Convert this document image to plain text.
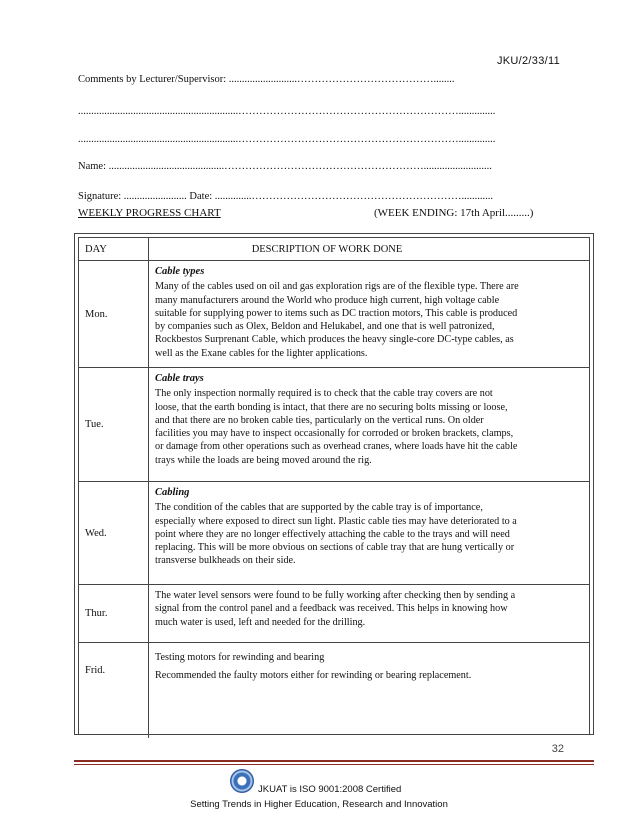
JKU/2/33/11
Comments by Lecturer/Supervisor: ..........................…………………………………........
.............................................................………………………………………………………..............
.............................................................………………………………………………………..............
Name: ............................................…………………………………………………..........................
Signature: ........................ Date: ..............……………………………………………………............
WEEKLY PROGRESS CHART	(WEEK ENDING: 17th April.........)
DAY	DESCRIPTION OF WORK DONE
Mon.
Cable types
Many of the cables used on oil and gas exploration rigs are of the flexible type. There are
many manufacturers around the World who produce high current, high voltage cable
suitable for supplying power to items such as DC traction motors, This cable is produced
by companies such as Olex, Beldon and Helukabel, and one that is well patronized,
Rockbestos Surprenant Cable, which produces the heavy single-core DC-type cables, as
well as the Exane cables for the lighter applications.
Tue.
Cable trays
The only inspection normally required is to check that the cable tray covers are not
loose, that the earth bonding is intact, that there are no securing bolts missing or loose,
and that there are no broken cable ties, particularly on the vertical runs. On older
facilities you may have to inspect occasionally for corroded or broken brackets, clamps,
or damage from other operations such as overhead cranes, where loads have hit the cable
trays while the loads are being moved around the rig.
Wed.
Cabling
The condition of the cables that are supported by the cable tray is of importance,
especially where exposed to direct sun light. Plastic cable ties may have deteriorated to a
point where they are no longer effectively attaching the cable to the trays and will need
replacing. This will be more obvious on sections of cable tray that are hung vertically or
transverse bulkheads on their side.
Thur.
The water level sensors were found to be fully working after checking then by sending a
signal from the control panel and a feedback was received. This helps in knowing how
much water is used, left and needed for the drilling.
Frid.
Testing motors for rewinding and bearing
Recommended the faulty motors either for rewinding or bearing replacement.
32
JKUAT is ISO 9001:2008 Certified
Setting Trends in Higher Education, Research and Innovation
